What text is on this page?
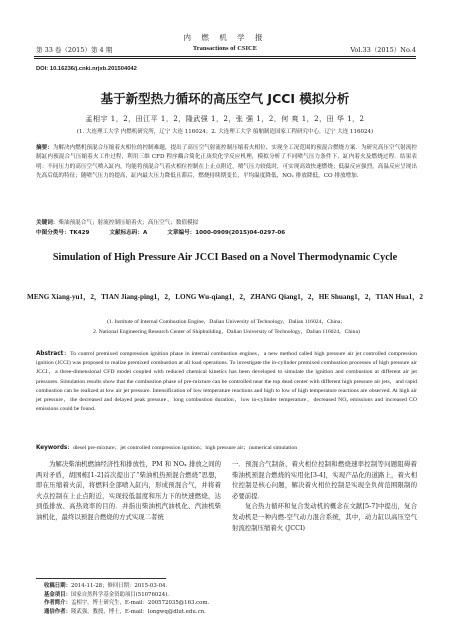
第 33 卷（2015）第 4 期
内 燃 机 学 报
Transactions of CSICE	Vol.33（2015）No.4
DOI: 10.16236/j.cnki.nrjxb.201504042
基于新型热力循环的高压空气 JCCI 模拟分析
孟相宇 1，2，田江平 1，2，隆武强 1，2，张 强 1，2，何 爽 1，2，田 华 1，2
(1. 大连理工大学 内燃机研究所，辽宁 大连 116024；2. 大连理工大学 船舶制造国家工程研究中心，辽宁 大连 116024)
摘要：为解决内燃机预混合压缩着火相位的控制难题，提出了高压空气射流控制压缩着火相位、实现全工况范围的预混合燃烧方案．为研究高压空气射流控制缸内预混合气压缩着火工作过程，利用三维 CFD 程序耦合简化正庚烷化学反应机理，模拟分析了不同喷气压力条件下，缸内着火及燃烧过程．结果表明：不同压力的高压空气喷入缸内，均能将预混合气着火相位控制在上止点附近，喷气压力较低时，可实现高效快速燃烧；低温反应强烈，高温反应呈现出先高后低的特征；随喷气压力的提高，缸内最大压力降低且滞后，燃烧持续期变长，平均温度降低，NOₓ 排放降低，CO 排放增加．
关键词：柴油预混合气；射流控制压缩着火；高压空气；数值模拟
中图分类号：TK429	文献标志码：A	文章编号：1000-0909(2015)04-0297-06
Simulation of High Pressure Air JCCI Based on a Novel Thermodynamic Cycle
MENG Xiang-yu1，2，TIAN Jiang-ping1，2，LONG Wu-qiang1，2，ZHANG Qiang1，2，HE Shuang1，2，TIAN Hua1，2
(1. Institute of Internal Combustion Engine，Dalian University of Technology，Dalian 116024，China；
2. National Engineering Research Center of Shipbuilding，Dalian University of Technology，Dalian 116024，China)
Abstract：To control premixed compression ignition phase in internal combustion engines，a new method called high pressure air jet controlled compression ignition (JCCI) was proposed to realize premixed combustion at all load operations. To investigate the in-cylinder premixed combustion processes of high pressure air JCCI，a three-dimensional CFD model coupled with reduced chemical kinetics has been developed to simulate the ignition and combustion at different air jet pressures. Simulation results show that the combustion phase of pre-mixture can be controlled near the top dead center with different high pressure air jets，and rapid combustion can be realized at low air jet pressure. Intensification of low temperature reactions and high to low of high temperature reactions are observed. At high air jet pressure，the decreased and delayed peak pressure，long combustion duration，low in-cylinder temperature，decreased NOₓ emissions and increased CO emissions could be found.
Keywords：diesel pre-mixture；jet controlled compression ignition；high pressure air；numerical simulation
为解决柴油机燃油经济性和排放性，PM 和 NOₓ 排放之间的两对矛盾，胡国栋[1-2]首次提出了“柴油机热预混合燃烧”思想，即在压缩着火前，将燃料全部喷入缸内，形成预混合气，并将着火点控制在上止点附近，实现较低温度和压力下的快速燃烧，达到低排放、高热效率的目的．并指出柴油机汽油机化、汽油机柴油机化，最终以预混合燃烧的方式实现二者统

一．预混合气制备、着火相位控制和燃烧速率控制等问题阻碍着柴油机预混合燃烧的实用化[3-4]，实现产品化的道路上，着火相位控制是核心问题，解决着火相位控制是实现全负荷范围限制的必要前提．

复合热力循环和复合发动机的概念在文献[5-7]中提出，复合发动机是一种内燃-空气动力混合系统，其中，动力缸以高压空气射流控制压缩着火 (JCCI)

收稿日期：2014-11-28；修回日期：2015-03-04．
基金项目：国家自然科学基金资助项目(51076024)．
作者简介：孟相宇，博士研究生，E-mail：200572035@163.com．
通信作者：隆武强，教授，博士，E-mail：longwq@dlut.edu.cn．
